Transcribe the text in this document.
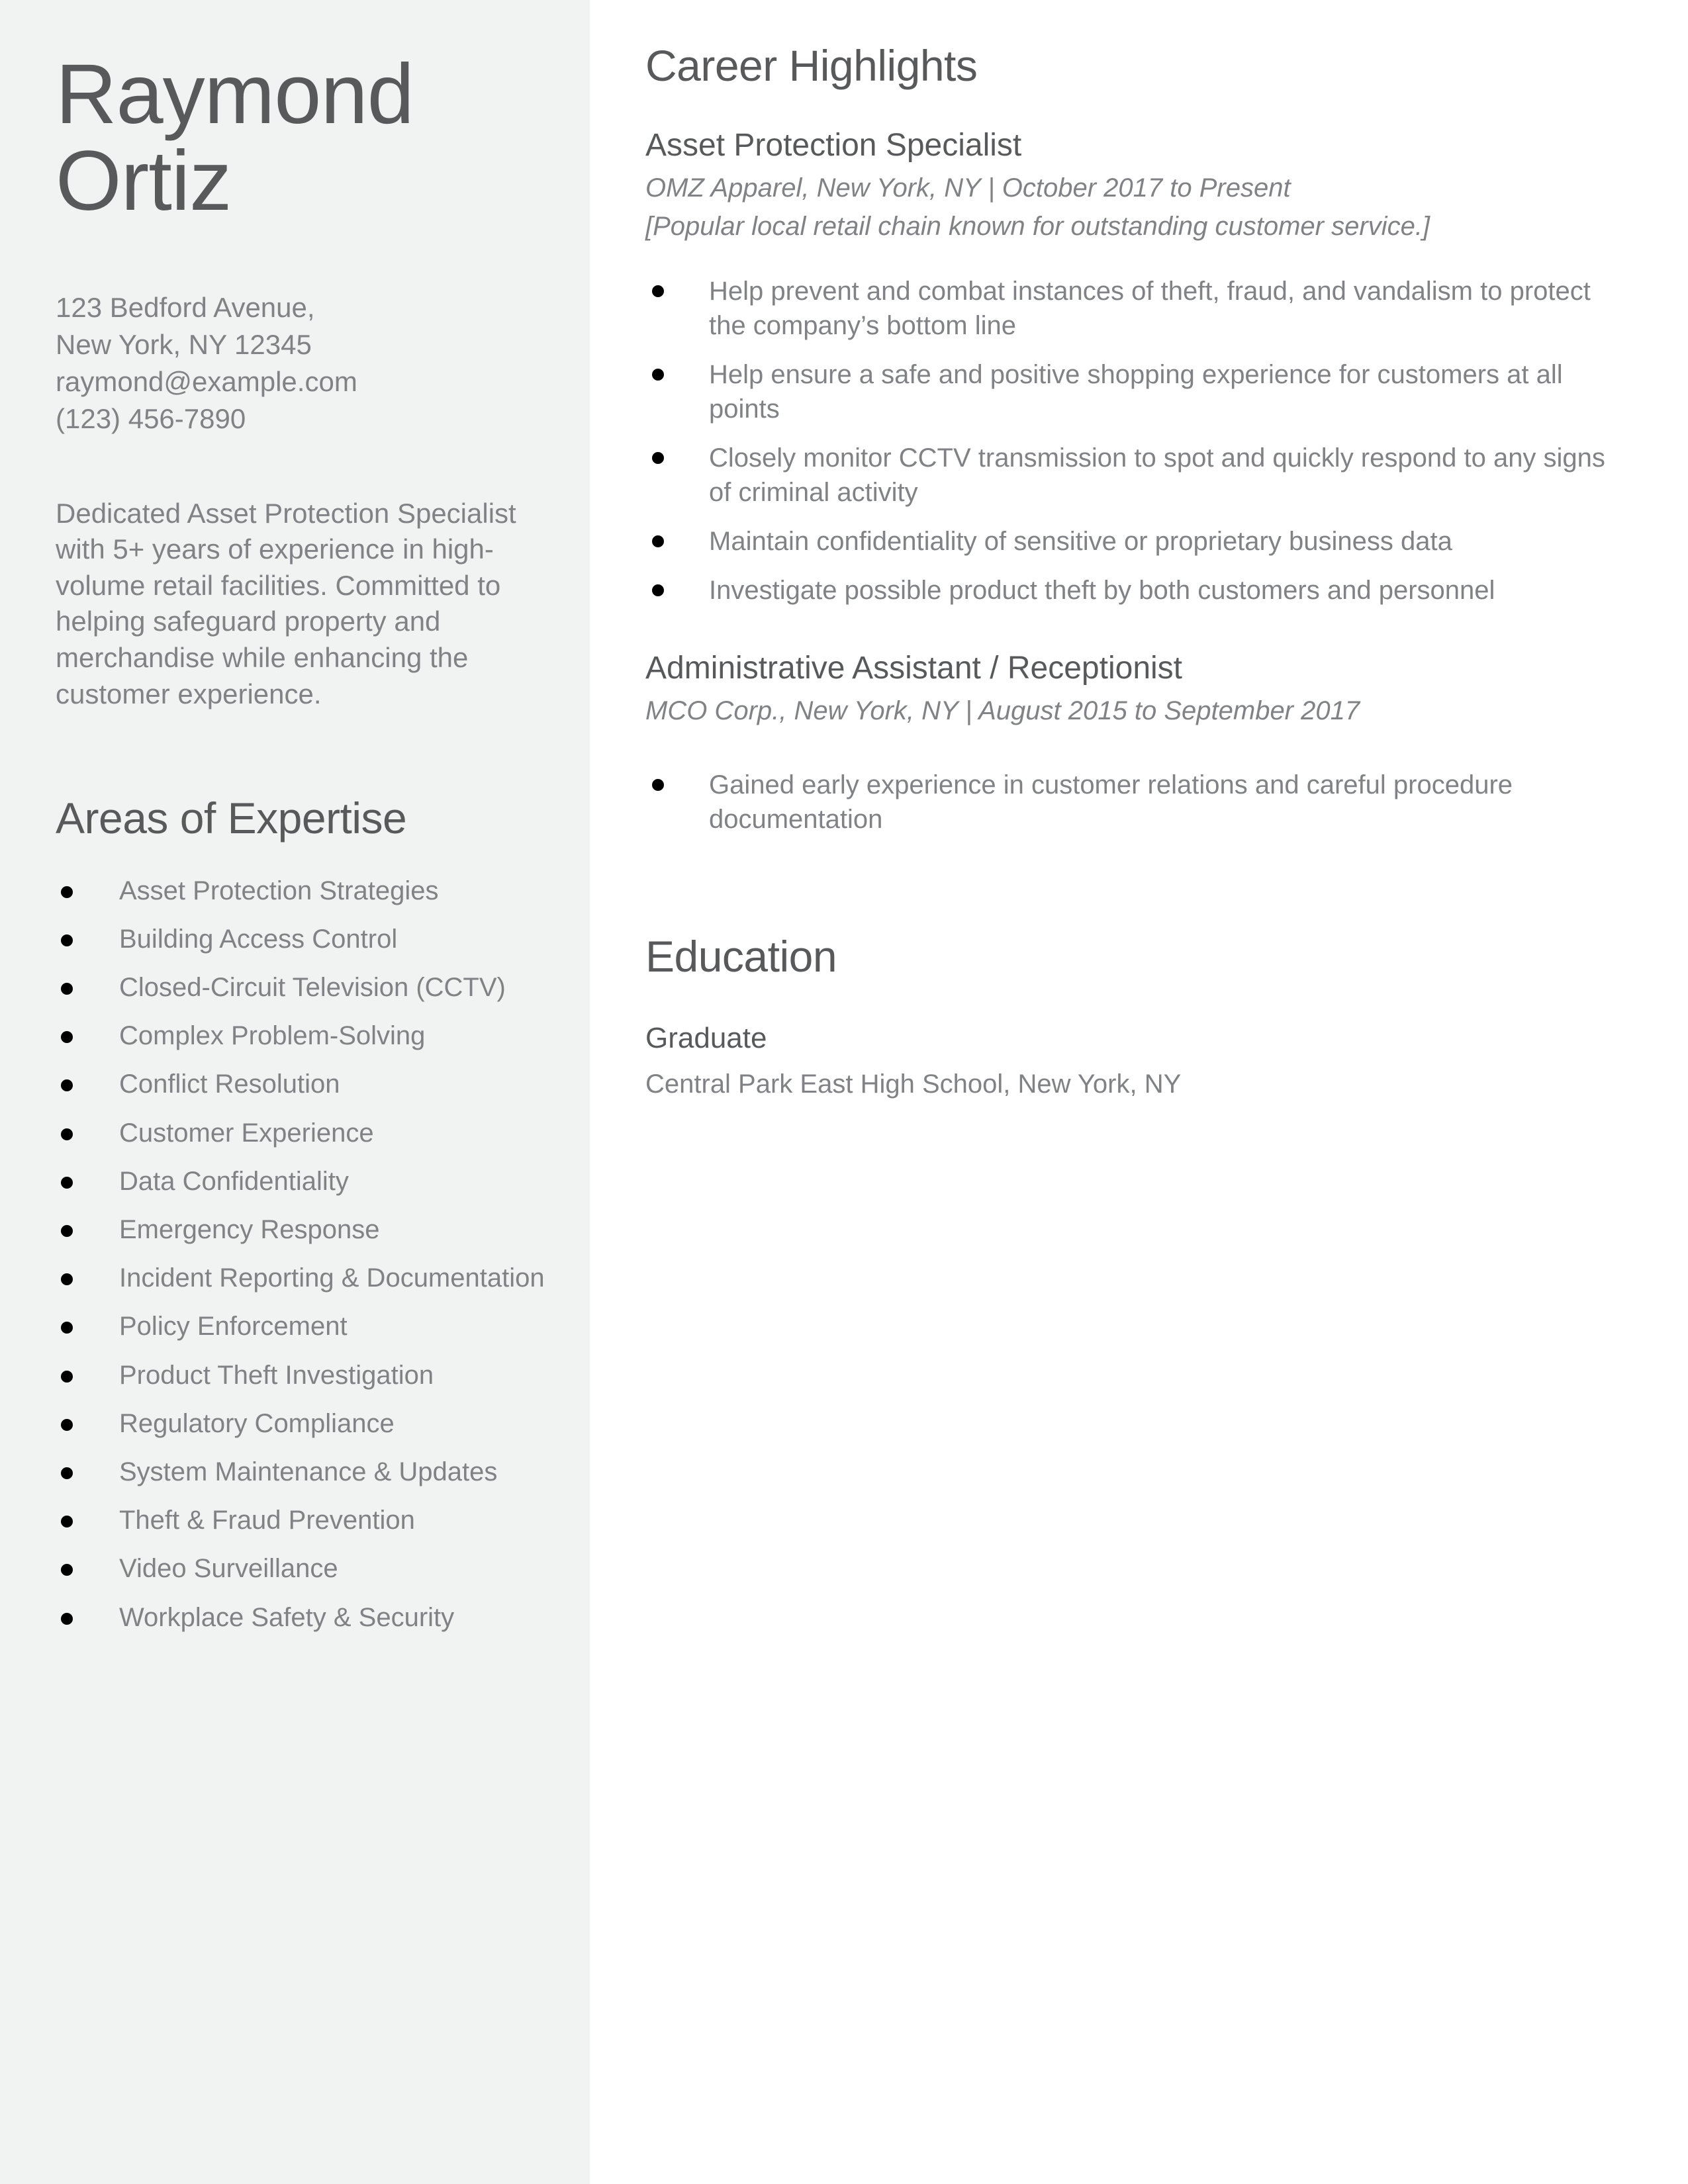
Raymond
Ortiz
123 Bedford Avenue,
New York, NY 12345
raymond@example.com
(123) 456-7890

Dedicated Asset Protection Specialist with 5+ years of experience in high-volume retail facilities. Committed to helping safeguard property and merchandise while enhancing the customer experience.

Areas of Expertise
Asset Protection Strategies
Building Access Control
Closed-Circuit Television (CCTV)
Complex Problem-Solving
Conflict Resolution
Customer Experience
Data Confidentiality
Emergency Response
Incident Reporting & Documentation
Policy Enforcement
Product Theft Investigation
Regulatory Compliance
System Maintenance & Updates
Theft & Fraud Prevention
Video Surveillance
Workplace Safety & Security
Career Highlights
Asset Protection Specialist

OMZ Apparel, New York, NY | October 2017 to Present

[Popular local retail chain known for outstanding customer service.]

Help prevent and combat instances of theft, fraud, and vandalism to protect the company’s bottom line
Help ensure a safe and positive shopping experience for customers at all points
Closely monitor CCTV transmission to spot and quickly respond to any signs of criminal activity
Maintain confidentiality of sensitive or proprietary business data
Investigate possible product theft by both customers and personnel
Administrative Assistant / Receptionist

MCO Corp., New York, NY | August 2015 to September 2017

Gained early experience in customer relations and careful procedure documentation
Education
Graduate

Central Park East High School, New York, NY
